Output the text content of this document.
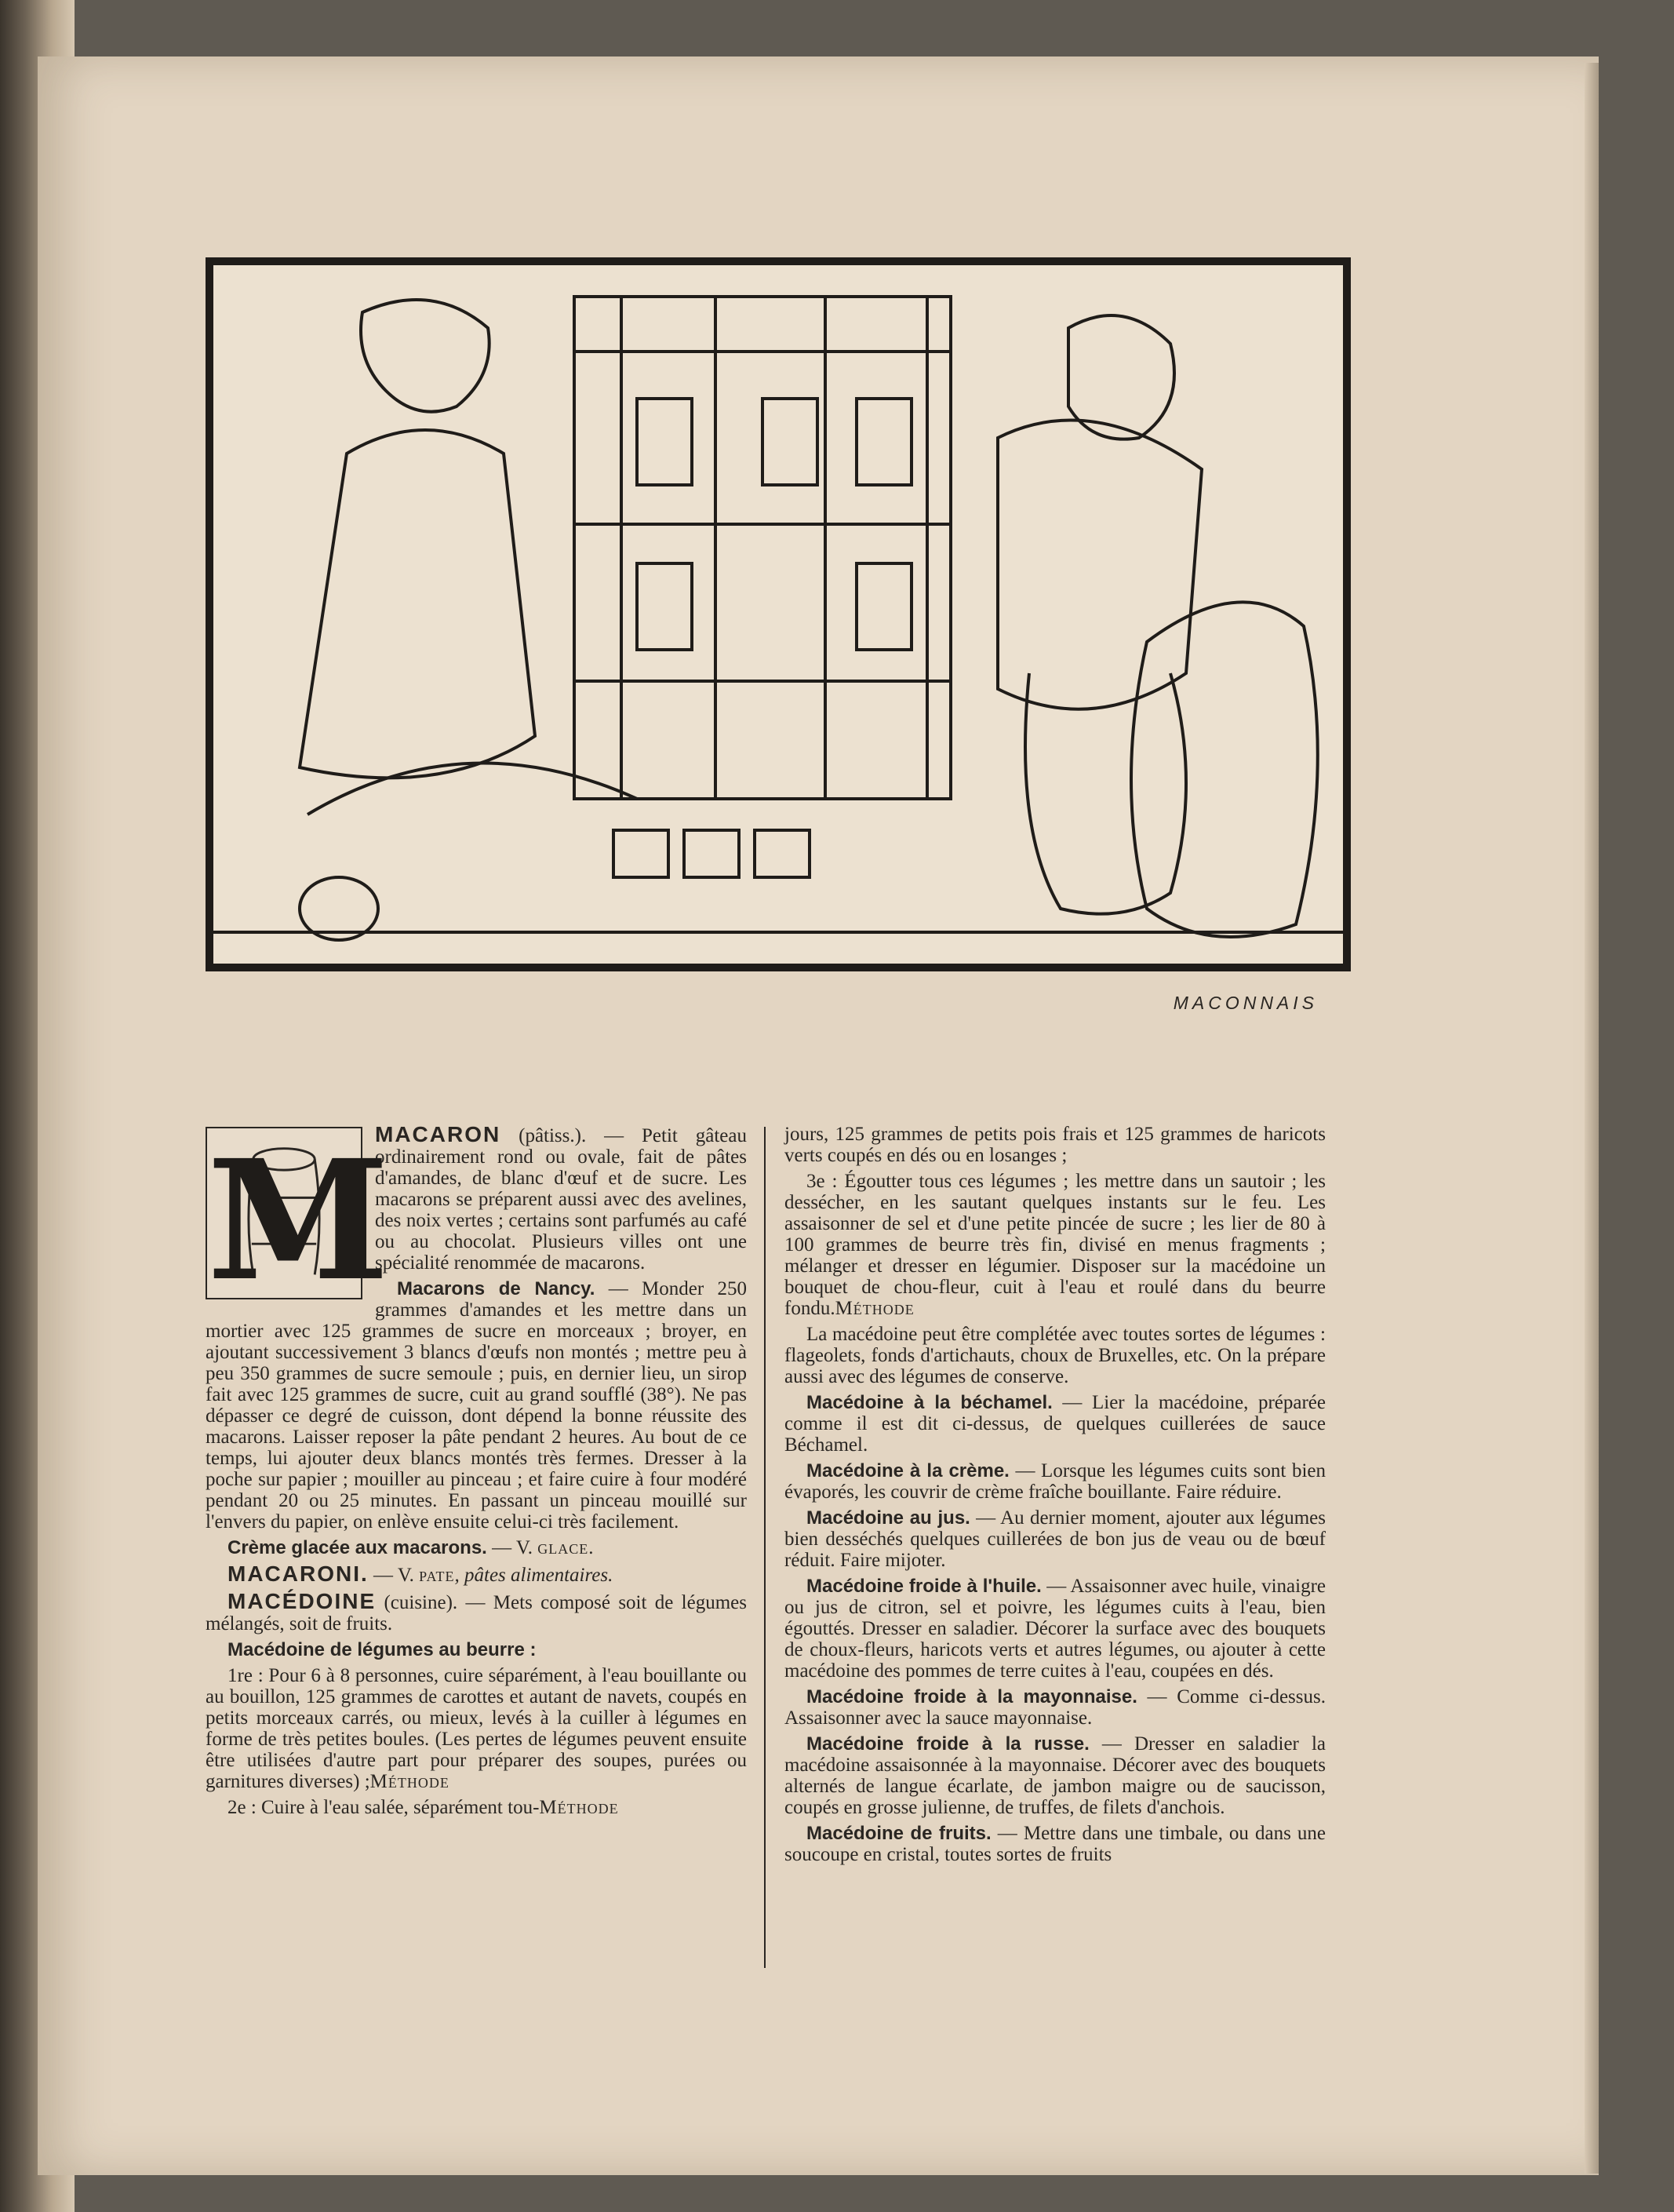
MACONNAIS
M

MACARON (pâtiss.). — Petit gâteau ordinairement rond ou ovale, fait de pâtes d'amandes, de blanc d'œuf et de sucre. Les macarons se préparent aussi avec des avelines, des noix vertes ; certains sont parfumés au café ou au chocolat. Plusieurs villes ont une spécialité renommée de macarons.

Macarons de Nancy. — Monder 250 grammes d'amandes et les mettre dans un mortier avec 125 grammes de sucre en morceaux ; broyer, en ajoutant successivement 3 blancs d'œufs non montés ; mettre peu à peu 350 grammes de sucre semoule ; puis, en dernier lieu, un sirop fait avec 125 grammes de sucre, cuit au grand soufflé (38°). Ne pas dépasser ce degré de cuisson, dont dépend la bonne réussite des macarons. Laisser reposer la pâte pendant 2 heures. Au bout de ce temps, lui ajouter deux blancs montés très fermes. Dresser à la poche sur papier ; mouiller au pinceau ; et faire cuire à four modéré pendant 20 ou 25 minutes. En passant un pinceau mouillé sur l'envers du papier, on enlève ensuite celui-ci très facilement.

Crème glacée aux macarons. — V. glace.

MACARONI. — V. pate, pâtes alimentaires.

MACÉDOINE (cuisine). — Mets composé soit de légumes mélangés, soit de fruits.

Macédoine de légumes au beurre :

1re : Pour 6 à 8 personnes, cuire séparément, à l'eau bouillante ou au bouillon, 125 grammes de carottes et autant de navets, coupés en petits morceaux carrés, ou mieux, levés à la cuiller à légumes en forme de très petites boules. (Les pertes de légumes peuvent ensuite être utilisées d'autre part pour préparer des soupes, purées ou garnitures diverses) ;Méthode

2e : Cuire à l'eau salée, séparément tou-Méthode

jours, 125 grammes de petits pois frais et 125 grammes de haricots verts coupés en dés ou en losanges ;

3e : Égoutter tous ces légumes ; les mettre dans un sautoir ; les dessécher, en les sautant quelques instants sur le feu. Les assaisonner de sel et d'une petite pincée de sucre ; les lier de 80 à 100 grammes de beurre très fin, divisé en menus fragments ; mélanger et dresser en légumier. Disposer sur la macédoine un bouquet de chou-fleur, cuit à l'eau et roulé dans du beurre fondu.Méthode

La macédoine peut être complétée avec toutes sortes de légumes : flageolets, fonds d'artichauts, choux de Bruxelles, etc. On la prépare aussi avec des légumes de conserve.

Macédoine à la béchamel. — Lier la macédoine, préparée comme il est dit ci-dessus, de quelques cuillerées de sauce Béchamel.

Macédoine à la crème. — Lorsque les légumes cuits sont bien évaporés, les couvrir de crème fraîche bouillante. Faire réduire.

Macédoine au jus. — Au dernier moment, ajouter aux légumes bien desséchés quelques cuillerées de bon jus de veau ou de bœuf réduit. Faire mijoter.

Macédoine froide à l'huile. — Assaisonner avec huile, vinaigre ou jus de citron, sel et poivre, les légumes cuits à l'eau, bien égouttés. Dresser en saladier. Décorer la surface avec des bouquets de choux-fleurs, haricots verts et autres légumes, ou ajouter à cette macédoine des pommes de terre cuites à l'eau, coupées en dés.

Macédoine froide à la mayonnaise. — Comme ci-dessus. Assaisonner avec la sauce mayonnaise.

Macédoine froide à la russe. — Dresser en saladier la macédoine assaisonnée à la mayonnaise. Décorer avec des bouquets alternés de langue écarlate, de jambon maigre ou de saucisson, coupés en grosse julienne, de truffes, de filets d'anchois.

Macédoine de fruits. — Mettre dans une timbale, ou dans une soucoupe en cristal, toutes sortes de fruits
